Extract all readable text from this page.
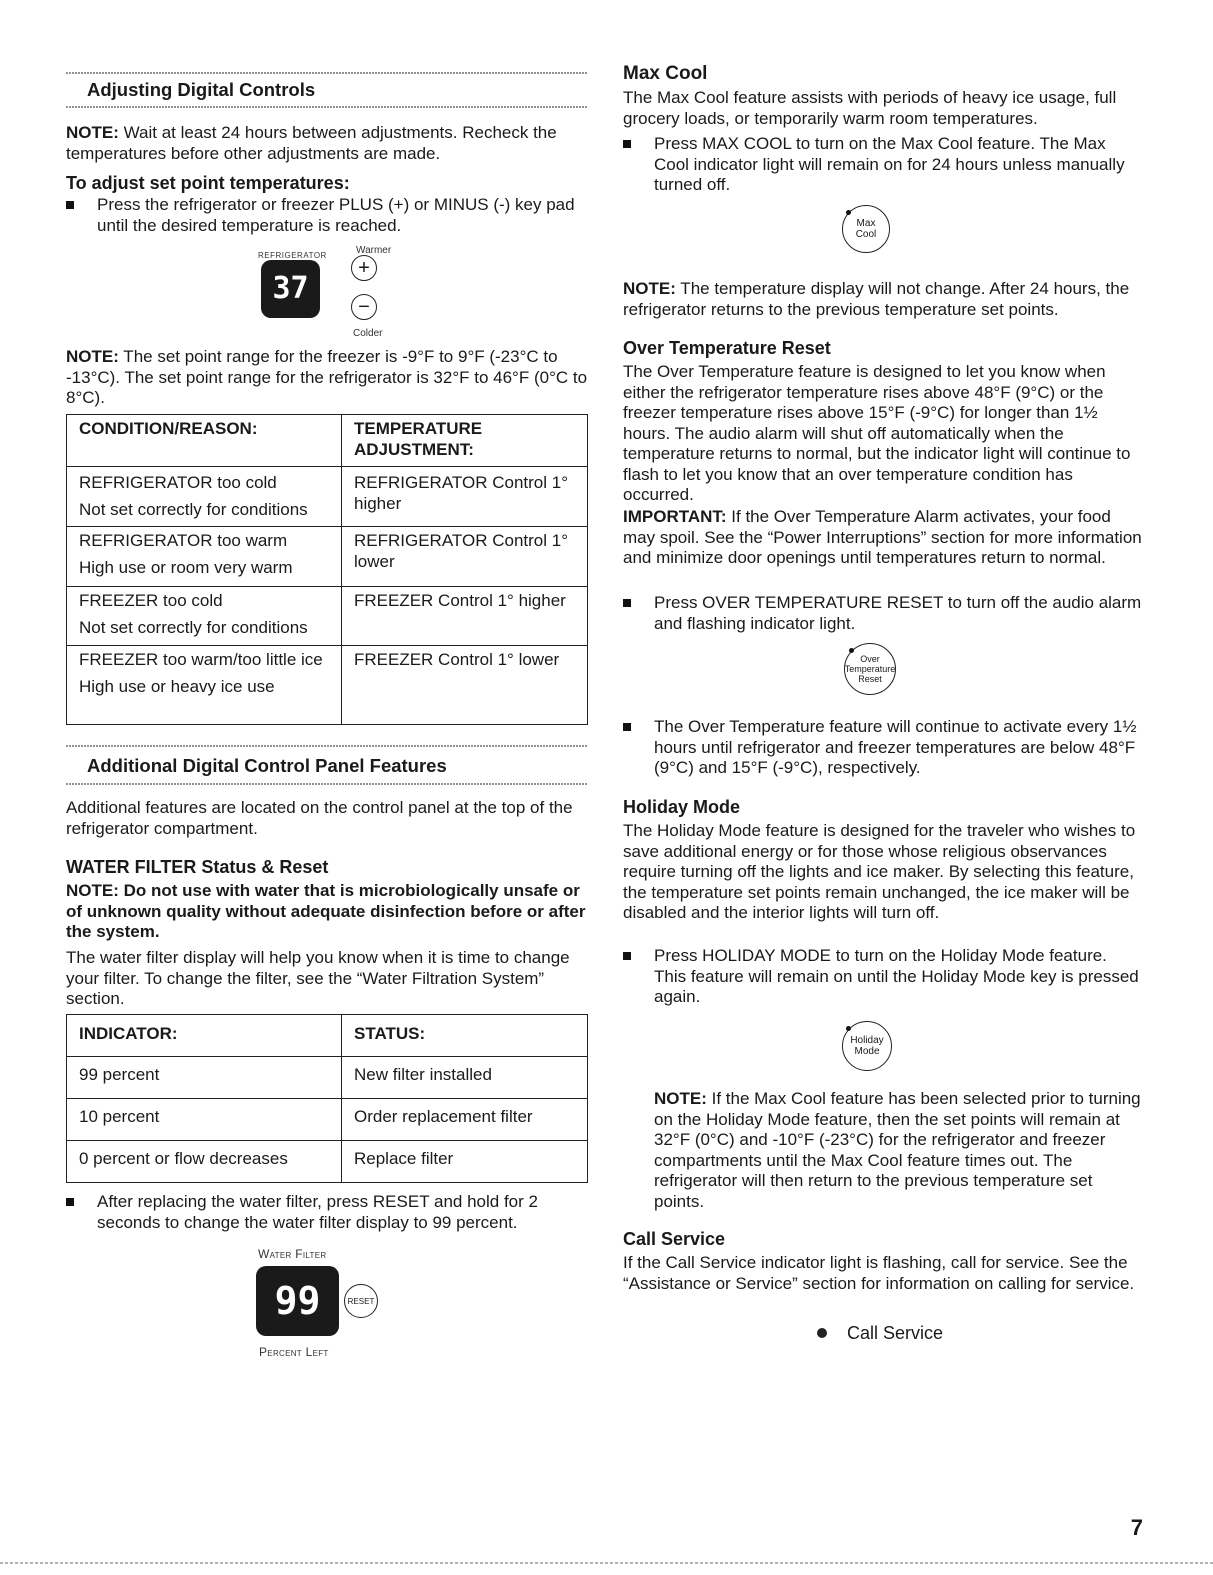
Adjusting Digital Controls

NOTE: Wait at least 24 hours between adjustments. Recheck the temperatures before other adjustments are made.

To adjust set point temperatures:

Press the refrigerator or freezer PLUS (+) or MINUS (-) key pad until the desired temperature is reached.

REFRIGERATOR	Warmer
37
+
−
Colder

NOTE: The set point range for the freezer is -9°F to 9°F (-23°C to -13°C). The set point range for the refrigerator is 32°F to 46°F (0°C to 8°C).

CONDITION/REASON:	TEMPERATURE ADJUSTMENT:

REFRIGERATOR too cold
Not set correctly for conditions	REFRIGERATOR Control 1° higher

REFRIGERATOR too warm
High use or room very warm	REFRIGERATOR Control 1° lower

FREEZER too cold
Not set correctly for conditions	FREEZER Control 1° higher

FREEZER too warm/too little ice
High use or heavy ice use	FREEZER Control 1° lower
Additional Digital Control Panel Features

Additional features are located on the control panel at the top of the refrigerator compartment.

WATER FILTER Status & Reset

NOTE: Do not use with water that is microbiologically unsafe or of unknown quality without adequate disinfection before or after the system.

The water filter display will help you know when it is time to change your filter. To change the filter, see the “Water Filtration System” section.

INDICATOR:	STATUS:
99 percent	New filter installed
10 percent	Order replacement filter
0 percent or flow decreases	Replace filter

After replacing the water filter, press RESET and hold for 2 seconds to change the water filter display to 99 percent.

Water Filter
99	RESET
Percent Left
Max Cool

The Max Cool feature assists with periods of heavy ice usage, full grocery loads, or temporarily warm room temperatures.

Press MAX COOL to turn on the Max Cool feature. The Max Cool indicator light will remain on for 24 hours unless manually turned off.

Max
Cool

NOTE: The temperature display will not change. After 24 hours, the refrigerator returns to the previous temperature set points.

Over Temperature Reset

The Over Temperature feature is designed to let you know when either the refrigerator temperature rises above 48°F (9°C) or the freezer temperature rises above 15°F (-9°C) for longer than 1½ hours. The audio alarm will shut off automatically when the temperature returns to normal, but the indicator light will continue to flash to let you know that an over temperature condition has occurred.

IMPORTANT: If the Over Temperature Alarm activates, your food may spoil. See the “Power Interruptions” section for more information and minimize door openings until temperatures return to normal.

Press OVER TEMPERATURE RESET to turn off the audio alarm and flashing indicator light.

Over
Temperature
Reset

The Over Temperature feature will continue to activate every 1½ hours until refrigerator and freezer temperatures are below 48°F (9°C) and 15°F (-9°C), respectively.

Holiday Mode

The Holiday Mode feature is designed for the traveler who wishes to save additional energy or for those whose religious observances require turning off the lights and ice maker. By selecting this feature, the temperature set points remain unchanged, the ice maker will be disabled and the interior lights will turn off.

Press HOLIDAY MODE to turn on the Holiday Mode feature. This feature will remain on until the Holiday Mode key is pressed again.

Holiday
Mode

NOTE: If the Max Cool feature has been selected prior to turning on the Holiday Mode feature, then the set points will remain at 32°F (0°C) and -10°F (-23°C) for the refrigerator and freezer compartments until the Max Cool feature times out. The refrigerator will then return to the previous temperature set points.

Call Service

If the Call Service indicator light is flashing, call for service. See the “Assistance or Service” section for information on calling for service.

Call Service
7
